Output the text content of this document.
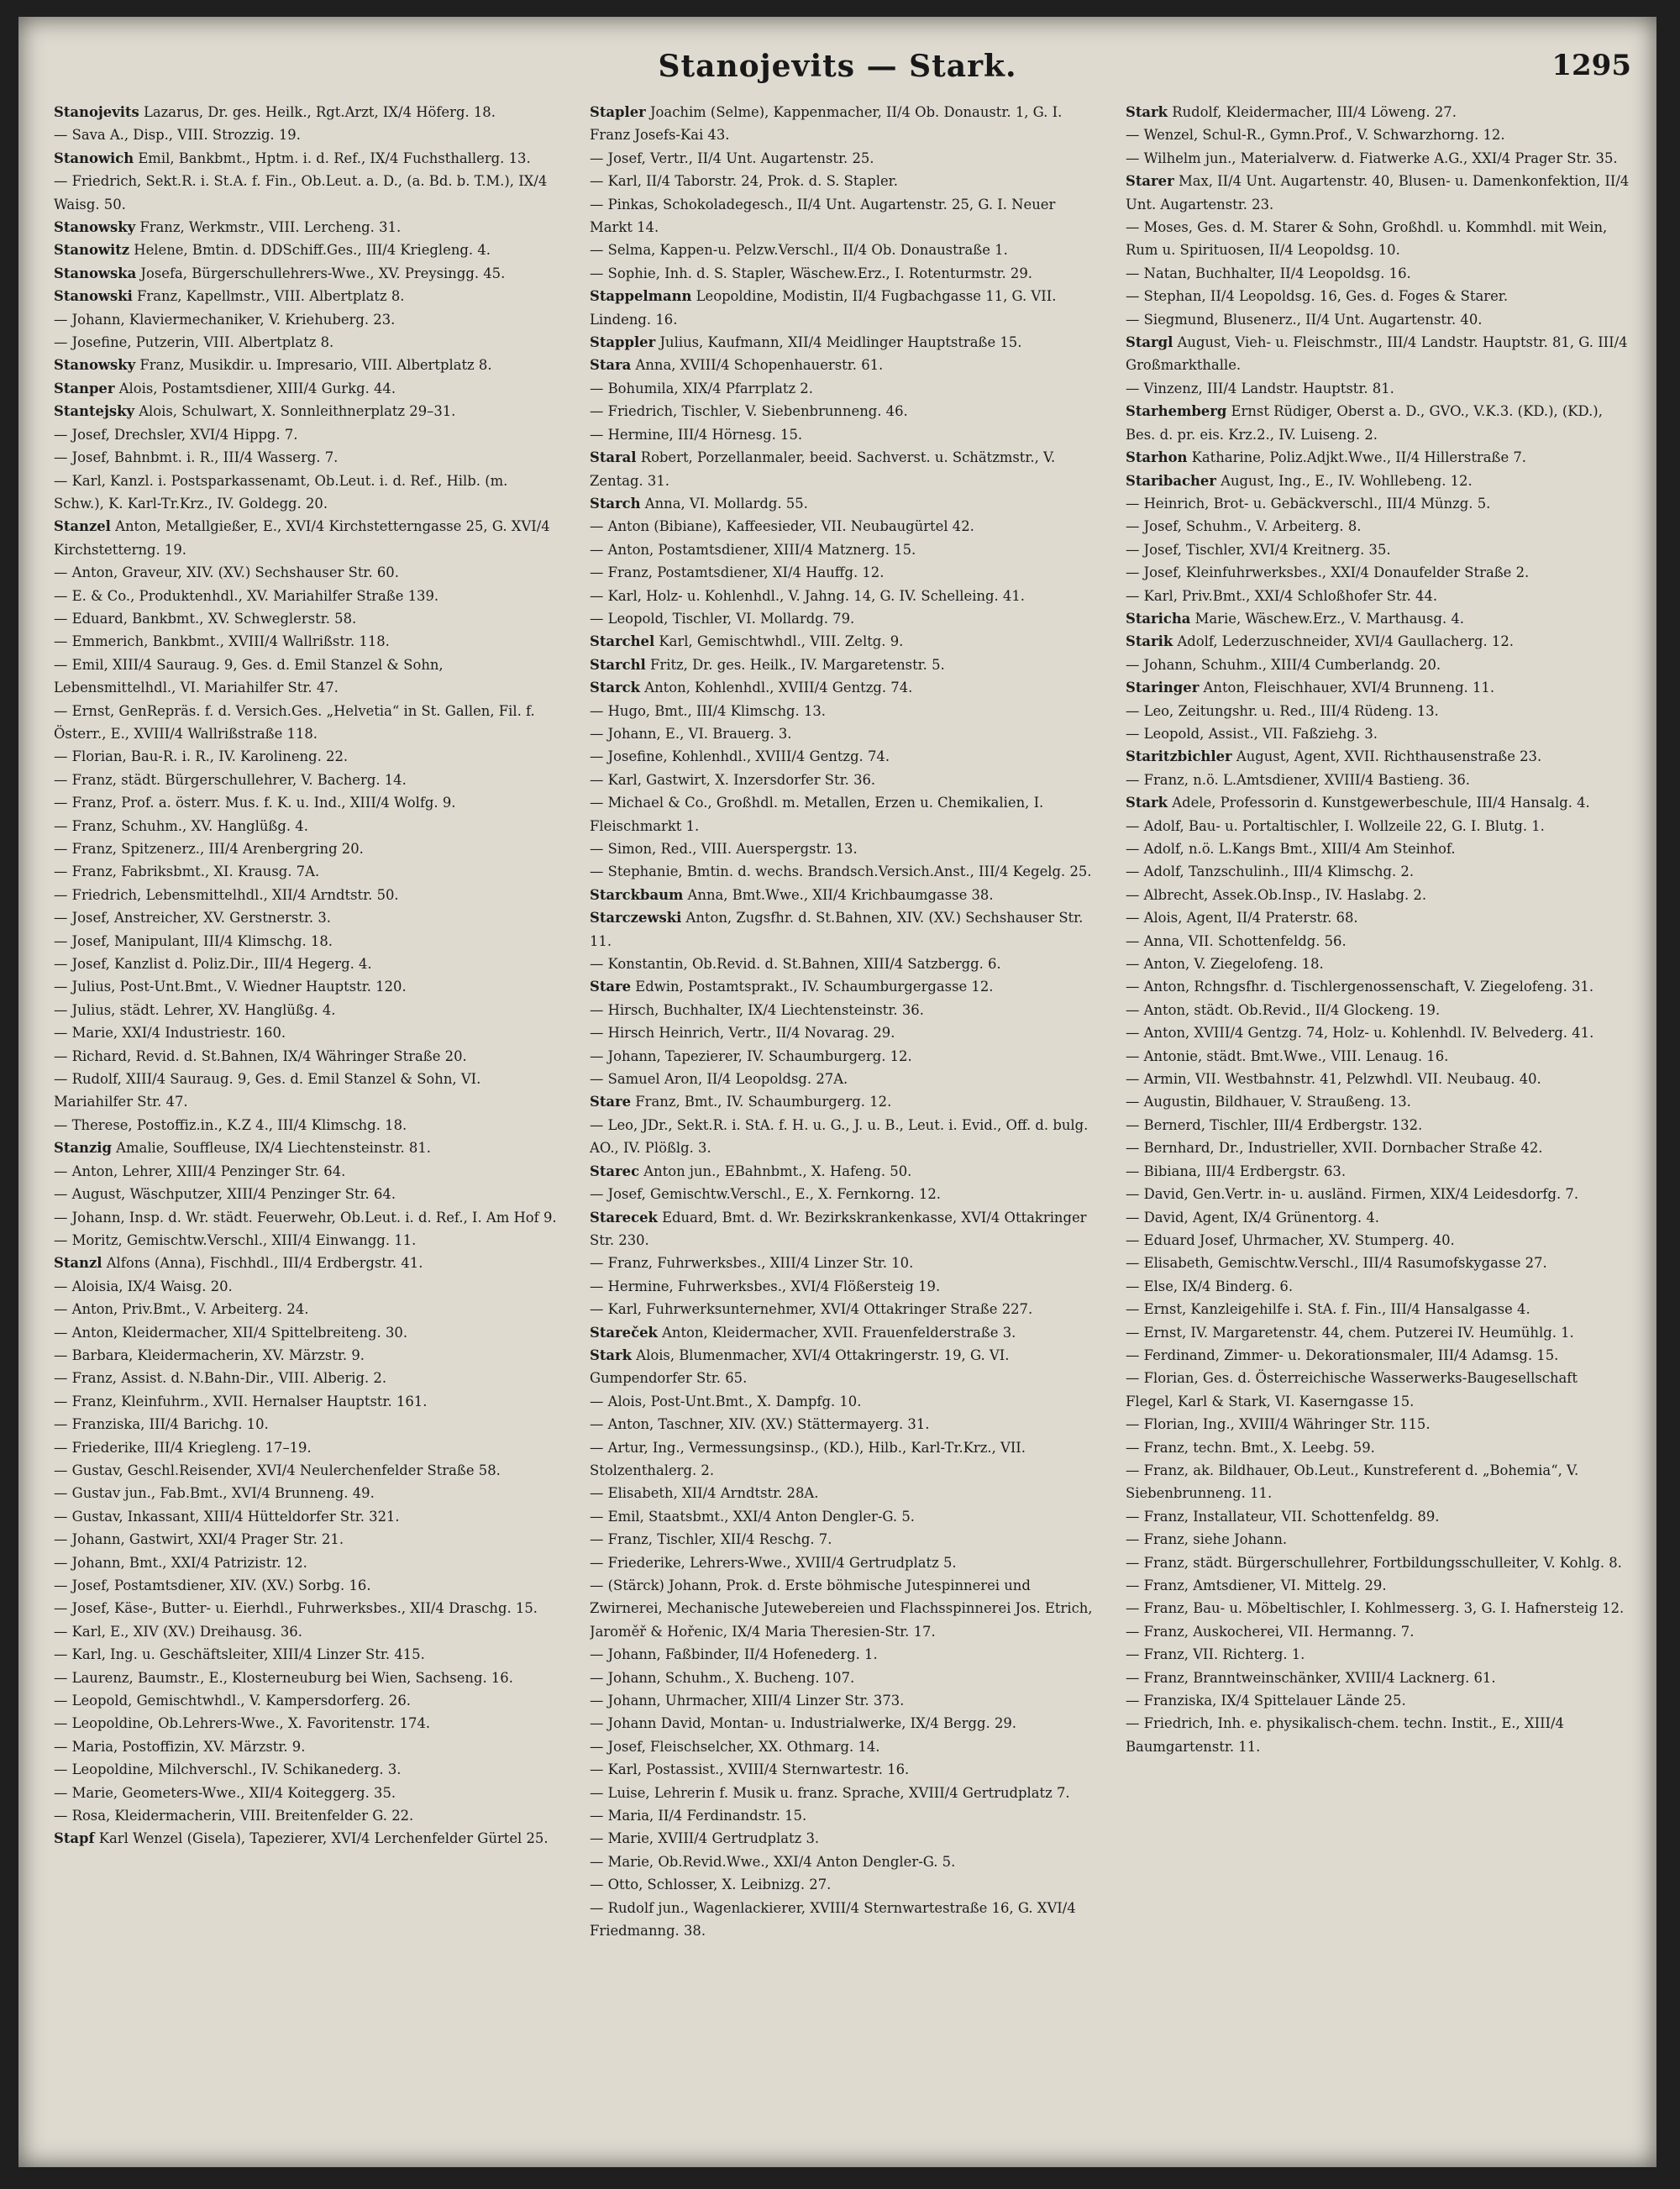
Stanojevits — Stark.	1295

Stanojevits Lazarus, Dr. ges. Heilk., Rgt.Arzt, IX/4 Höferg. 18.

— Sava A., Disp., VIII. Strozzig. 19.

Stanowich Emil, Bankbmt., Hptm. i. d. Ref., IX/4 Fuchsthallerg. 13.

— Friedrich, Sekt.R. i. St.A. f. Fin., Ob.Leut. a. D., (a. Bd. b. T.M.), IX/4 Waisg. 50.

Stanowsky Franz, Werkmstr., VIII. Lercheng. 31.

Stanowitz Helene, Bmtin. d. DDSchiff.Ges., III/4 Kriegleng. 4.

Stanowska Josefa, Bürgerschullehrers-Wwe., XV. Preysingg. 45.

Stanowski Franz, Kapellmstr., VIII. Albertplatz 8.

— Johann, Klaviermechaniker, V. Kriehuberg. 23.

— Josefine, Putzerin, VIII. Albertplatz 8.

Stanowsky Franz, Musikdir. u. Impresario, VIII. Albertplatz 8.

Stanper Alois, Postamtsdiener, XIII/4 Gurkg. 44.

Stantejsky Alois, Schulwart, X. Sonnleithnerplatz 29–31.

— Josef, Drechsler, XVI/4 Hippg. 7.

— Josef, Bahnbmt. i. R., III/4 Wasserg. 7.

— Karl, Kanzl. i. Postsparkassenamt, Ob.Leut. i. d. Ref., Hilb. (m. Schw.), K. Karl-Tr.Krz., IV. Goldegg. 20.

Stanzel Anton, Metallgießer, E., XVI/4 Kirchstetterngasse 25, G. XVI/4 Kirchstetterng. 19.

— Anton, Graveur, XIV. (XV.) Sechshauser Str. 60.

— E. & Co., Produktenhdl., XV. Mariahilfer Straße 139.

— Eduard, Bankbmt., XV. Schweglerstr. 58.

— Emmerich, Bankbmt., XVIII/4 Wallrißstr. 118.

— Emil, XIII/4 Sauraug. 9, Ges. d. Emil Stanzel & Sohn, Lebensmittelhdl., VI. Mariahilfer Str. 47.

— Ernst, GenRepräs. f. d. Versich.Ges. „Helvetia“ in St. Gallen, Fil. f. Österr., E., XVIII/4 Wallrißstraße 118.

— Florian, Bau-R. i. R., IV. Karolineng. 22.

— Franz, städt. Bürgerschullehrer, V. Bacherg. 14.

— Franz, Prof. a. österr. Mus. f. K. u. Ind., XIII/4 Wolfg. 9.

— Franz, Schuhm., XV. Hanglüßg. 4.

— Franz, Spitzenerz., III/4 Arenbergring 20.

— Franz, Fabriksbmt., XI. Krausg. 7A.

— Friedrich, Lebensmittelhdl., XII/4 Arndtstr. 50.

— Josef, Anstreicher, XV. Gerstnerstr. 3.

— Josef, Manipulant, III/4 Klimschg. 18.

— Josef, Kanzlist d. Poliz.Dir., III/4 Hegerg. 4.

— Julius, Post-Unt.Bmt., V. Wiedner Hauptstr. 120.

— Julius, städt. Lehrer, XV. Hanglüßg. 4.

— Marie, XXI/4 Industriestr. 160.

— Richard, Revid. d. St.Bahnen, IX/4 Währinger Straße 20.

— Rudolf, XIII/4 Sauraug. 9, Ges. d. Emil Stanzel & Sohn, VI. Mariahilfer Str. 47.

— Therese, Postoffiz.in., K.Z 4., III/4 Klimschg. 18.

Stanzig Amalie, Souffleuse, IX/4 Liechtensteinstr. 81.

— Anton, Lehrer, XIII/4 Penzinger Str. 64.

— August, Wäschputzer, XIII/4 Penzinger Str. 64.

— Johann, Insp. d. Wr. städt. Feuerwehr, Ob.Leut. i. d. Ref., I. Am Hof 9.

— Moritz, Gemischtw.Verschl., XIII/4 Einwangg. 11.

Stanzl Alfons (Anna), Fischhdl., III/4 Erdbergstr. 41.

— Aloisia, IX/4 Waisg. 20.

— Anton, Priv.Bmt., V. Arbeiterg. 24.

— Anton, Kleidermacher, XII/4 Spittelbreiteng. 30.

— Barbara, Kleidermacherin, XV. Märzstr. 9.

— Franz, Assist. d. N.Bahn-Dir., VIII. Alberig. 2.

— Franz, Kleinfuhrm., XVII. Hernalser Hauptstr. 161.

— Franziska, III/4 Barichg. 10.

— Friederike, III/4 Kriegleng. 17–19.

— Gustav, Geschl.Reisender, XVI/4 Neulerchenfelder Straße 58.

— Gustav jun., Fab.Bmt., XVI/4 Brunneng. 49.

— Gustav, Inkassant, XIII/4 Hütteldorfer Str. 321.

— Johann, Gastwirt, XXI/4 Prager Str. 21.

— Johann, Bmt., XXI/4 Patrizistr. 12.

— Josef, Postamtsdiener, XIV. (XV.) Sorbg. 16.

— Josef, Käse-, Butter- u. Eierhdl., Fuhrwerksbes., XII/4 Draschg. 15.

— Karl, E., XIV (XV.) Dreihausg. 36.

— Karl, Ing. u. Geschäftsleiter, XIII/4 Linzer Str. 415.

— Laurenz, Baumstr., E., Klosterneuburg bei Wien, Sachseng. 16.

— Leopold, Gemischtwhdl., V. Kampersdorferg. 26.

— Leopoldine, Ob.Lehrers-Wwe., X. Favoritenstr. 174.

— Maria, Postoffizin, XV. Märzstr. 9.

— Leopoldine, Milchverschl., IV. Schikanederg. 3.

— Marie, Geometers-Wwe., XII/4 Koiteggerg. 35.

— Rosa, Kleidermacherin, VIII. Breitenfelder G. 22.

Stapf Karl Wenzel (Gisela), Tapezierer, XVI/4 Lerchenfelder Gürtel 25.

Stapler Joachim (Selme), Kappenmacher, II/4 Ob. Donaustr. 1, G. I. Franz Josefs-Kai 43.

— Josef, Vertr., II/4 Unt. Augartenstr. 25.

— Karl, II/4 Taborstr. 24, Prok. d. S. Stapler.

— Pinkas, Schokoladegesch., II/4 Unt. Augartenstr. 25, G. I. Neuer Markt 14.

— Selma, Kappen-u. Pelzw.Verschl., II/4 Ob. Donaustraße 1.

— Sophie, Inh. d. S. Stapler, Wäschew.Erz., I. Rotenturmstr. 29.

Stappelmann Leopoldine, Modistin, II/4 Fugbachgasse 11, G. VII. Lindeng. 16.

Stappler Julius, Kaufmann, XII/4 Meidlinger Hauptstraße 15.

Stara Anna, XVIII/4 Schopenhauerstr. 61.

— Bohumila, XIX/4 Pfarrplatz 2.

— Friedrich, Tischler, V. Siebenbrunneng. 46.

— Hermine, III/4 Hörnesg. 15.

Staral Robert, Porzellanmaler, beeid. Sachverst. u. Schätzmstr., V. Zentag. 31.

Starch Anna, VI. Mollardg. 55.

— Anton (Bibiane), Kaffeesieder, VII. Neubaugürtel 42.

— Anton, Postamtsdiener, XIII/4 Matznerg. 15.

— Franz, Postamtsdiener, XI/4 Hauffg. 12.

— Karl, Holz- u. Kohlenhdl., V. Jahng. 14, G. IV. Schelleing. 41.

— Leopold, Tischler, VI. Mollardg. 79.

Starchel Karl, Gemischtwhdl., VIII. Zeltg. 9.

Starchl Fritz, Dr. ges. Heilk., IV. Margaretenstr. 5.

Starck Anton, Kohlenhdl., XVIII/4 Gentzg. 74.

— Hugo, Bmt., III/4 Klimschg. 13.

— Johann, E., VI. Brauerg. 3.

— Josefine, Kohlenhdl., XVIII/4 Gentzg. 74.

— Karl, Gastwirt, X. Inzersdorfer Str. 36.

— Michael & Co., Großhdl. m. Metallen, Erzen u. Chemikalien, I. Fleischmarkt 1.

— Simon, Red., VIII. Auerspergstr. 13.

— Stephanie, Bmtin. d. wechs. Brandsch.Versich.Anst., III/4 Kegelg. 25.

Starckbaum Anna, Bmt.Wwe., XII/4 Krichbaumgasse 38.

Starczewski Anton, Zugsfhr. d. St.Bahnen, XIV. (XV.) Sechshauser Str. 11.

— Konstantin, Ob.Revid. d. St.Bahnen, XIII/4 Satzbergg. 6.

Stare Edwin, Postamtsprakt., IV. Schaumburgergasse 12.

— Hirsch, Buchhalter, IX/4 Liechtensteinstr. 36.

— Hirsch Heinrich, Vertr., II/4 Novarag. 29.

— Johann, Tapezierer, IV. Schaumburgerg. 12.

— Samuel Aron, II/4 Leopoldsg. 27A.

Stare Franz, Bmt., IV. Schaumburgerg. 12.

— Leo, JDr., Sekt.R. i. StA. f. H. u. G., J. u. B., Leut. i. Evid., Off. d. bulg. AO., IV. Plößlg. 3.

Starec Anton jun., EBahnbmt., X. Hafeng. 50.

— Josef, Gemischtw.Verschl., E., X. Fernkorng. 12.

Starecek Eduard, Bmt. d. Wr. Bezirkskrankenkasse, XVI/4 Ottakringer Str. 230.

— Franz, Fuhrwerksbes., XIII/4 Linzer Str. 10.

— Hermine, Fuhrwerksbes., XVI/4 Flößersteig 19.

— Karl, Fuhrwerksunternehmer, XVI/4 Ottakringer Straße 227.

Stareček Anton, Kleidermacher, XVII. Frauenfelderstraße 3.

Stark Alois, Blumenmacher, XVI/4 Ottakringerstr. 19, G. VI. Gumpendorfer Str. 65.

— Alois, Post-Unt.Bmt., X. Dampfg. 10.

— Anton, Taschner, XIV. (XV.) Stättermayerg. 31.

— Artur, Ing., Vermessungsinsp., (KD.), Hilb., Karl-Tr.Krz., VII. Stolzenthalerg. 2.

— Elisabeth, XII/4 Arndtstr. 28A.

— Emil, Staatsbmt., XXI/4 Anton Dengler-G. 5.

— Franz, Tischler, XII/4 Reschg. 7.

— Friederike, Lehrers-Wwe., XVIII/4 Gertrudplatz 5.

— (Stärck) Johann, Prok. d. Erste böhmische Jutespinnerei und Zwirnerei, Mechanische Jutewebereien und Flachsspinnerei Jos. Etrich, Jaroměř & Hořenic, IX/4 Maria Theresien-Str. 17.

— Johann, Faßbinder, II/4 Hofenederg. 1.

— Johann, Schuhm., X. Bucheng. 107.

— Johann, Uhrmacher, XIII/4 Linzer Str. 373.

— Johann David, Montan- u. Industrialwerke, IX/4 Bergg. 29.

— Josef, Fleischselcher, XX. Othmarg. 14.

— Karl, Postassist., XVIII/4 Sternwartestr. 16.

— Luise, Lehrerin f. Musik u. franz. Sprache, XVIII/4 Gertrudplatz 7.

— Maria, II/4 Ferdinandstr. 15.

— Marie, XVIII/4 Gertrudplatz 3.

— Marie, Ob.Revid.Wwe., XXI/4 Anton Dengler-G. 5.

— Otto, Schlosser, X. Leibnizg. 27.

— Rudolf jun., Wagenlackierer, XVIII/4 Sternwartestraße 16, G. XVI/4 Friedmanng. 38.

Stark Rudolf, Kleidermacher, III/4 Löweng. 27.

— Wenzel, Schul-R., Gymn.Prof., V. Schwarzhorng. 12.

— Wilhelm jun., Materialverw. d. Fiatwerke A.G., XXI/4 Prager Str. 35.

Starer Max, II/4 Unt. Augartenstr. 40, Blusen- u. Damenkonfektion, II/4 Unt. Augartenstr. 23.

— Moses, Ges. d. M. Starer & Sohn, Großhdl. u. Kommhdl. mit Wein, Rum u. Spirituosen, II/4 Leopoldsg. 10.

— Natan, Buchhalter, II/4 Leopoldsg. 16.

— Stephan, II/4 Leopoldsg. 16, Ges. d. Foges & Starer.

— Siegmund, Blusenerz., II/4 Unt. Augartenstr. 40.

Stargl August, Vieh- u. Fleischmstr., III/4 Landstr. Hauptstr. 81, G. III/4 Großmarkthalle.

— Vinzenz, III/4 Landstr. Hauptstr. 81.

Starhemberg Ernst Rüdiger, Oberst a. D., GVO., V.K.3. (KD.), (KD.), Bes. d. pr. eis. Krz.2., IV. Luiseng. 2.

Starhon Katharine, Poliz.Adjkt.Wwe., II/4 Hillerstraße 7.

Staribacher August, Ing., E., IV. Wohllebeng. 12.

— Heinrich, Brot- u. Gebäckverschl., III/4 Münzg. 5.

— Josef, Schuhm., V. Arbeiterg. 8.

— Josef, Tischler, XVI/4 Kreitnerg. 35.

— Josef, Kleinfuhrwerksbes., XXI/4 Donaufelder Straße 2.

— Karl, Priv.Bmt., XXI/4 Schloßhofer Str. 44.

Staricha Marie, Wäschew.Erz., V. Marthausg. 4.

Starik Adolf, Lederzuschneider, XVI/4 Gaullacherg. 12.

— Johann, Schuhm., XIII/4 Cumberlandg. 20.

Staringer Anton, Fleischhauer, XVI/4 Brunneng. 11.

— Leo, Zeitungshr. u. Red., III/4 Rüdeng. 13.

— Leopold, Assist., VII. Faßziehg. 3.

Staritzbichler August, Agent, XVII. Richthausenstraße 23.

— Franz, n.ö. L.Amtsdiener, XVIII/4 Bastieng. 36.

Stark Adele, Professorin d. Kunstgewerbeschule, III/4 Hansalg. 4.

— Adolf, Bau- u. Portaltischler, I. Wollzeile 22, G. I. Blutg. 1.

— Adolf, n.ö. L.Kangs Bmt., XIII/4 Am Steinhof.

— Adolf, Tanzschulinh., III/4 Klimschg. 2.

— Albrecht, Assek.Ob.Insp., IV. Haslabg. 2.

— Alois, Agent, II/4 Praterstr. 68.

— Anna, VII. Schottenfeldg. 56.

— Anton, V. Ziegelofeng. 18.

— Anton, Rchngsfhr. d. Tischlergenossenschaft, V. Ziegelofeng. 31.

— Anton, städt. Ob.Revid., II/4 Glockeng. 19.

— Anton, XVIII/4 Gentzg. 74, Holz- u. Kohlenhdl. IV. Belvederg. 41.

— Antonie, städt. Bmt.Wwe., VIII. Lenaug. 16.

— Armin, VII. Westbahnstr. 41, Pelzwhdl. VII. Neubaug. 40.

— Augustin, Bildhauer, V. Straußeng. 13.

— Bernerd, Tischler, III/4 Erdbergstr. 132.

— Bernhard, Dr., Industrieller, XVII. Dornbacher Straße 42.

— Bibiana, III/4 Erdbergstr. 63.

— David, Gen.Vertr. in- u. ausländ. Firmen, XIX/4 Leidesdorfg. 7.

— David, Agent, IX/4 Grünentorg. 4.

— Eduard Josef, Uhrmacher, XV. Stumperg. 40.

— Elisabeth, Gemischtw.Verschl., III/4 Rasumofskygasse 27.

— Else, IX/4 Binderg. 6.

— Ernst, Kanzleigehilfe i. StA. f. Fin., III/4 Hansalgasse 4.

— Ernst, IV. Margaretenstr. 44, chem. Putzerei IV. Heumühlg. 1.

— Ferdinand, Zimmer- u. Dekorationsmaler, III/4 Adamsg. 15.

— Florian, Ges. d. Österreichische Wasserwerks-Baugesellschaft Flegel, Karl & Stark, VI. Kaserngasse 15.

— Florian, Ing., XVIII/4 Währinger Str. 115.

— Franz, techn. Bmt., X. Leebg. 59.

— Franz, ak. Bildhauer, Ob.Leut., Kunstreferent d. „Bohemia“, V. Siebenbrunneng. 11.

— Franz, Installateur, VII. Schottenfeldg. 89.

— Franz, siehe Johann.

— Franz, städt. Bürgerschullehrer, Fortbildungsschulleiter, V. Kohlg. 8.

— Franz, Amtsdiener, VI. Mittelg. 29.

— Franz, Bau- u. Möbeltischler, I. Kohlmesserg. 3, G. I. Hafnersteig 12.

— Franz, Auskocherei, VII. Hermanng. 7.

— Franz, VII. Richterg. 1.

— Franz, Branntweinschänker, XVIII/4 Lacknerg. 61.

— Franziska, IX/4 Spittelauer Lände 25.

— Friedrich, Inh. e. physikalisch-chem. techn. Instit., E., XIII/4 Baumgartenstr. 11.
